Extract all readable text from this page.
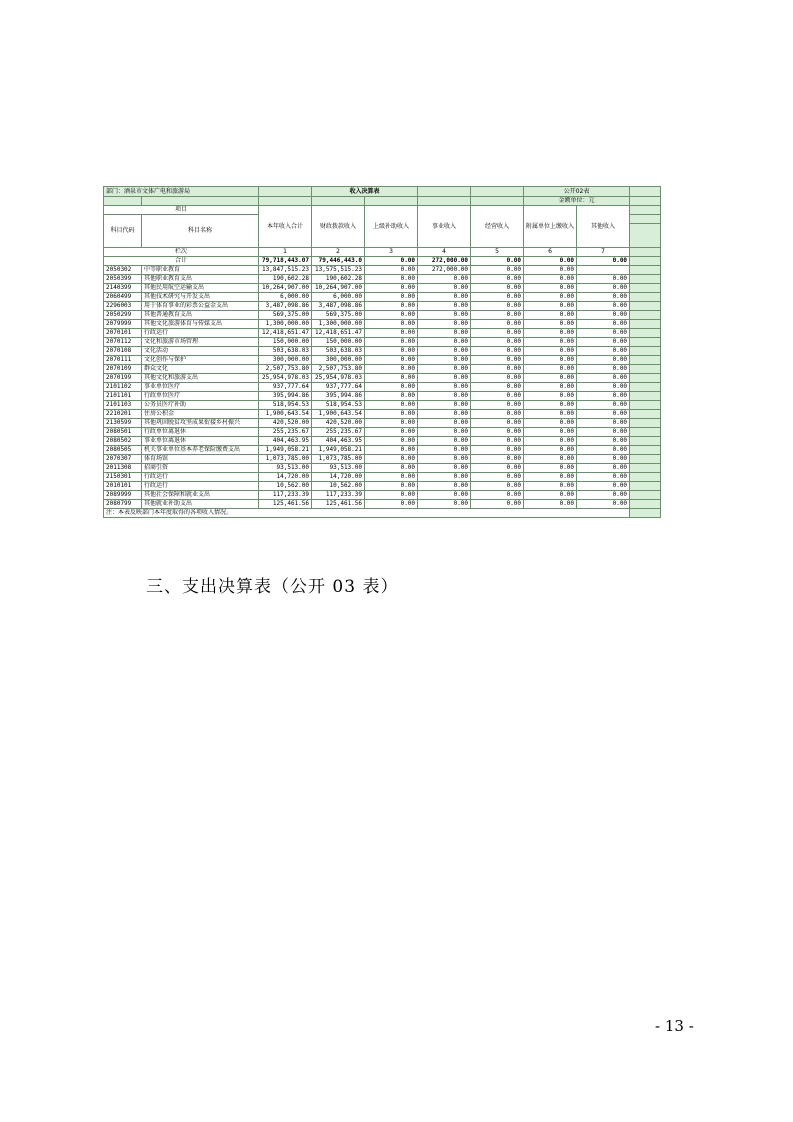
部门：酒泉市文体广电和旅游局			收入决算表				公开02表		
							金额单位：元		
项目		本年收入合计	财政拨款收入	上级补助收入	事业收入	经营收入	附属单位上缴收入	其他收入	
科目代码	科目名称								

栏次		1	2	3	4	5	6	7	
合计		79,718,443.07	79,446,443.0	0.00	272,000.00	0.00	0.00	0.00	
2050302	中等职业教育	13,847,515.23	13,575,515.23	0.00	272,000.00	0.00	0.00		
2050399	其他职业教育支出	190,602.28	190,602.28	0.00	0.00	0.00	0.00	0.00	
2140399	其他民用航空运输支出	10,264,907.00	10,264,907.00	0.00	0.00	0.00	0.00	0.00	
2060499	其他技术研究与开发支出	6,000.00	6,000.00	0.00	0.00	0.00	0.00	0.00	
2296003	用于体育事业的彩票公益金支出	3,487,098.86	3,487,098.86	0.00	0.00	0.00	0.00	0.00	
2050299	其他普通教育支出	569,375.00	569,375.00	0.00	0.00	0.00	0.00	0.00	
2079999	其他文化旅游体育与传媒支出	1,300,000.00	1,300,000.00	0.00	0.00	0.00	0.00	0.00	
2070101	行政运行	12,418,651.47	12,418,651.47	0.00	0.00	0.00	0.00	0.00	
2070112	文化和旅游市场管理	150,000.00	150,000.00	0.00	0.00	0.00	0.00	0.00	
2070108	文化活动	503,638.03	503,638.03	0.00	0.00	0.00	0.00	0.00	
2070111	文化创作与保护	300,000.00	300,000.00	0.00	0.00	0.00	0.00	0.00	
2070109	群众文化	2,507,753.80	2,507,753.80	0.00	0.00	0.00	0.00	0.00	
2070199	其他文化和旅游支出	25,954,978.03	25,954,978.03	0.00	0.00	0.00	0.00	0.00	
2101102	事业单位医疗	937,777.64	937,777.64	0.00	0.00	0.00	0.00	0.00	
2101101	行政单位医疗	395,994.86	395,994.86	0.00	0.00	0.00	0.00	0.00	
2101103	公务员医疗补助	518,954.53	518,954.53	0.00	0.00	0.00	0.00	0.00	
2210201	住房公积金	1,900,643.54	1,900,643.54	0.00	0.00	0.00	0.00	0.00	
2130599	其他巩固脱贫攻坚成果衔接乡村振兴	420,520.00	420,520.00	0.00	0.00	0.00	0.00	0.00	
2080501	行政单位离退休	255,235.67	255,235.67	0.00	0.00	0.00	0.00	0.00	
2080502	事业单位离退休	404,463.95	404,463.95	0.00	0.00	0.00	0.00	0.00	
2080505	机关事业单位基本养老保险缴费支出	1,949,058.21	1,949,058.21	0.00	0.00	0.00	0.00	0.00	
2070307	体育场馆	1,073,785.00	1,073,785.00	0.00	0.00	0.00	0.00	0.00	
2011308	招商引资	93,513.00	93,513.00	0.00	0.00	0.00	0.00	0.00	
2150301	行政运行	14,720.00	14,720.00	0.00	0.00	0.00	0.00	0.00	
2010101	行政运行	10,562.00	10,562.00	0.00	0.00	0.00	0.00	0.00	
2089999	其他社会保障和就业支出	117,233.39	117,233.39	0.00	0.00	0.00	0.00	0.00	
2080799	其他就业补助支出	125,461.56	125,461.56	0.00	0.00	0.00	0.00	0.00	
注：本表反映部门本年度取得的各项收入情况。									
三、支出决算表（公开 03 表）
- 13 -
